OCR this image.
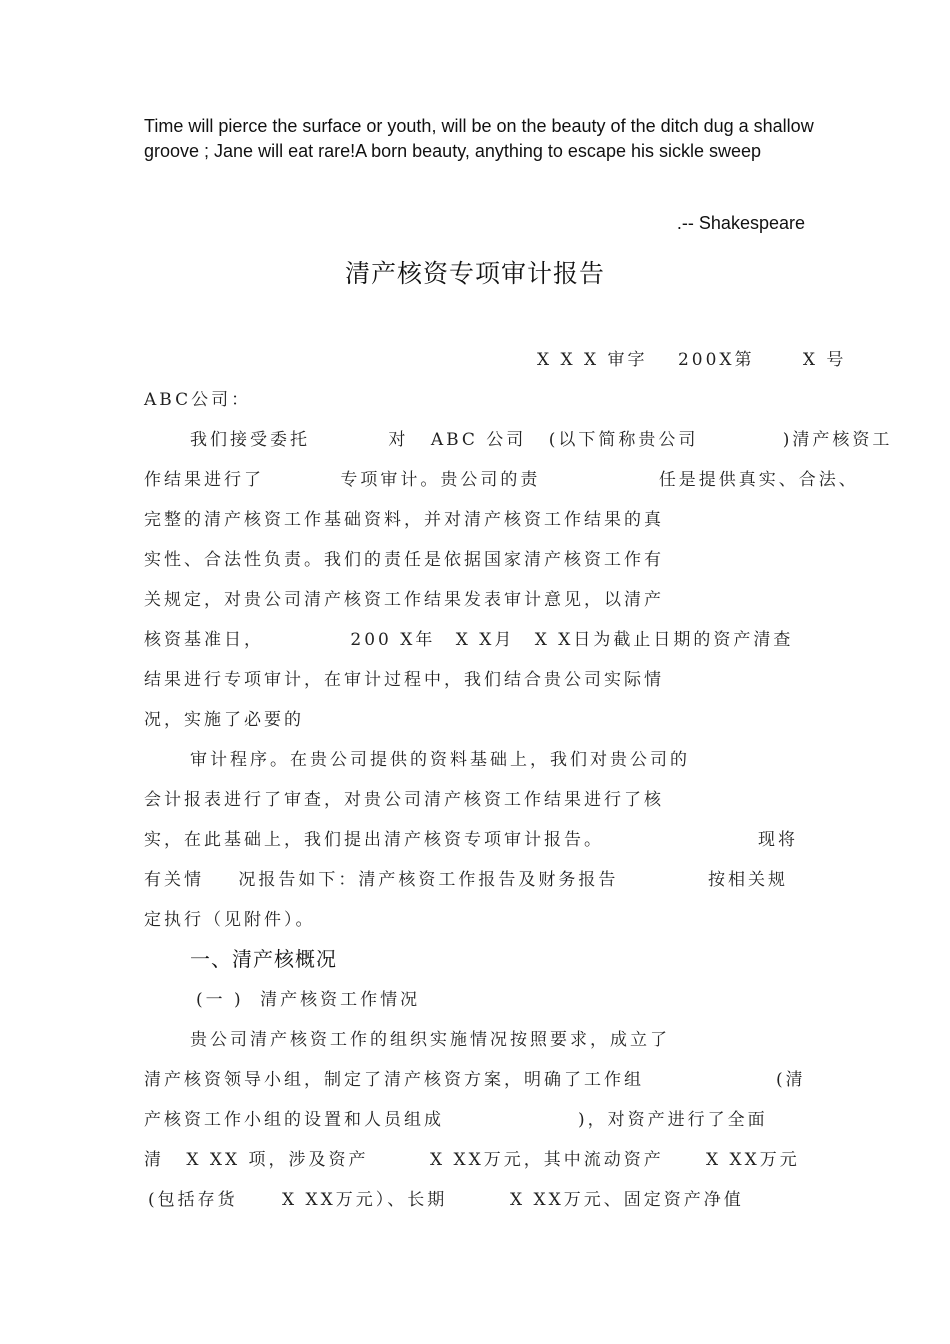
Time will pierce the surface or youth, will be on the beauty of the ditch dug a shallow groove ; Jane will eat rare!A born beauty, anything to escape his sickle sweep
.-- Shakespeare
清产核资专项审计报告
X X X 审字 200X第	X 号
ABC公司：
我们接受委托	对 ABC 公司 (以下简称贵公司	)清产核资工
作结果进行了	专项审计。贵公司的责	任是提供真实、合法、
完整的清产核资工作基础资料，并对清产核资工作结果的真
实性、合法性负责。我们的责任是依据国家清产核资工作有
关规定，对贵公司清产核资工作结果发表审计意见，以清产
核资基准日，	200 X年 X X月 X X日为截止日期的资产清查
结果进行专项审计，在审计过程中，我们结合贵公司实际情
况，实施了必要的
审计程序。在贵公司提供的资料基础上，我们对贵公司的
会计报表进行了审查，对贵公司清产核资工作结果进行了核
实，在此基础上，我们提出清产核资专项审计报告。	现将
有关情 况报告如下：清产核资工作报告及财务报告	按相关规
定执行（见附件）。
一、清产核概况
(一 ) 清产核资工作情况
贵公司清产核资工作的组织实施情况按照要求，成立了
清产核资领导小组，制定了清产核资方案，明确了工作组	(清
产核资工作小组的设置和人员组成	)，对资产进行了全面
清 X XX 项，涉及资产	X XX万元，其中流动资产 X XX万元
(包括存货	X XX万元）、长期	X XX万元、固定资产净值
